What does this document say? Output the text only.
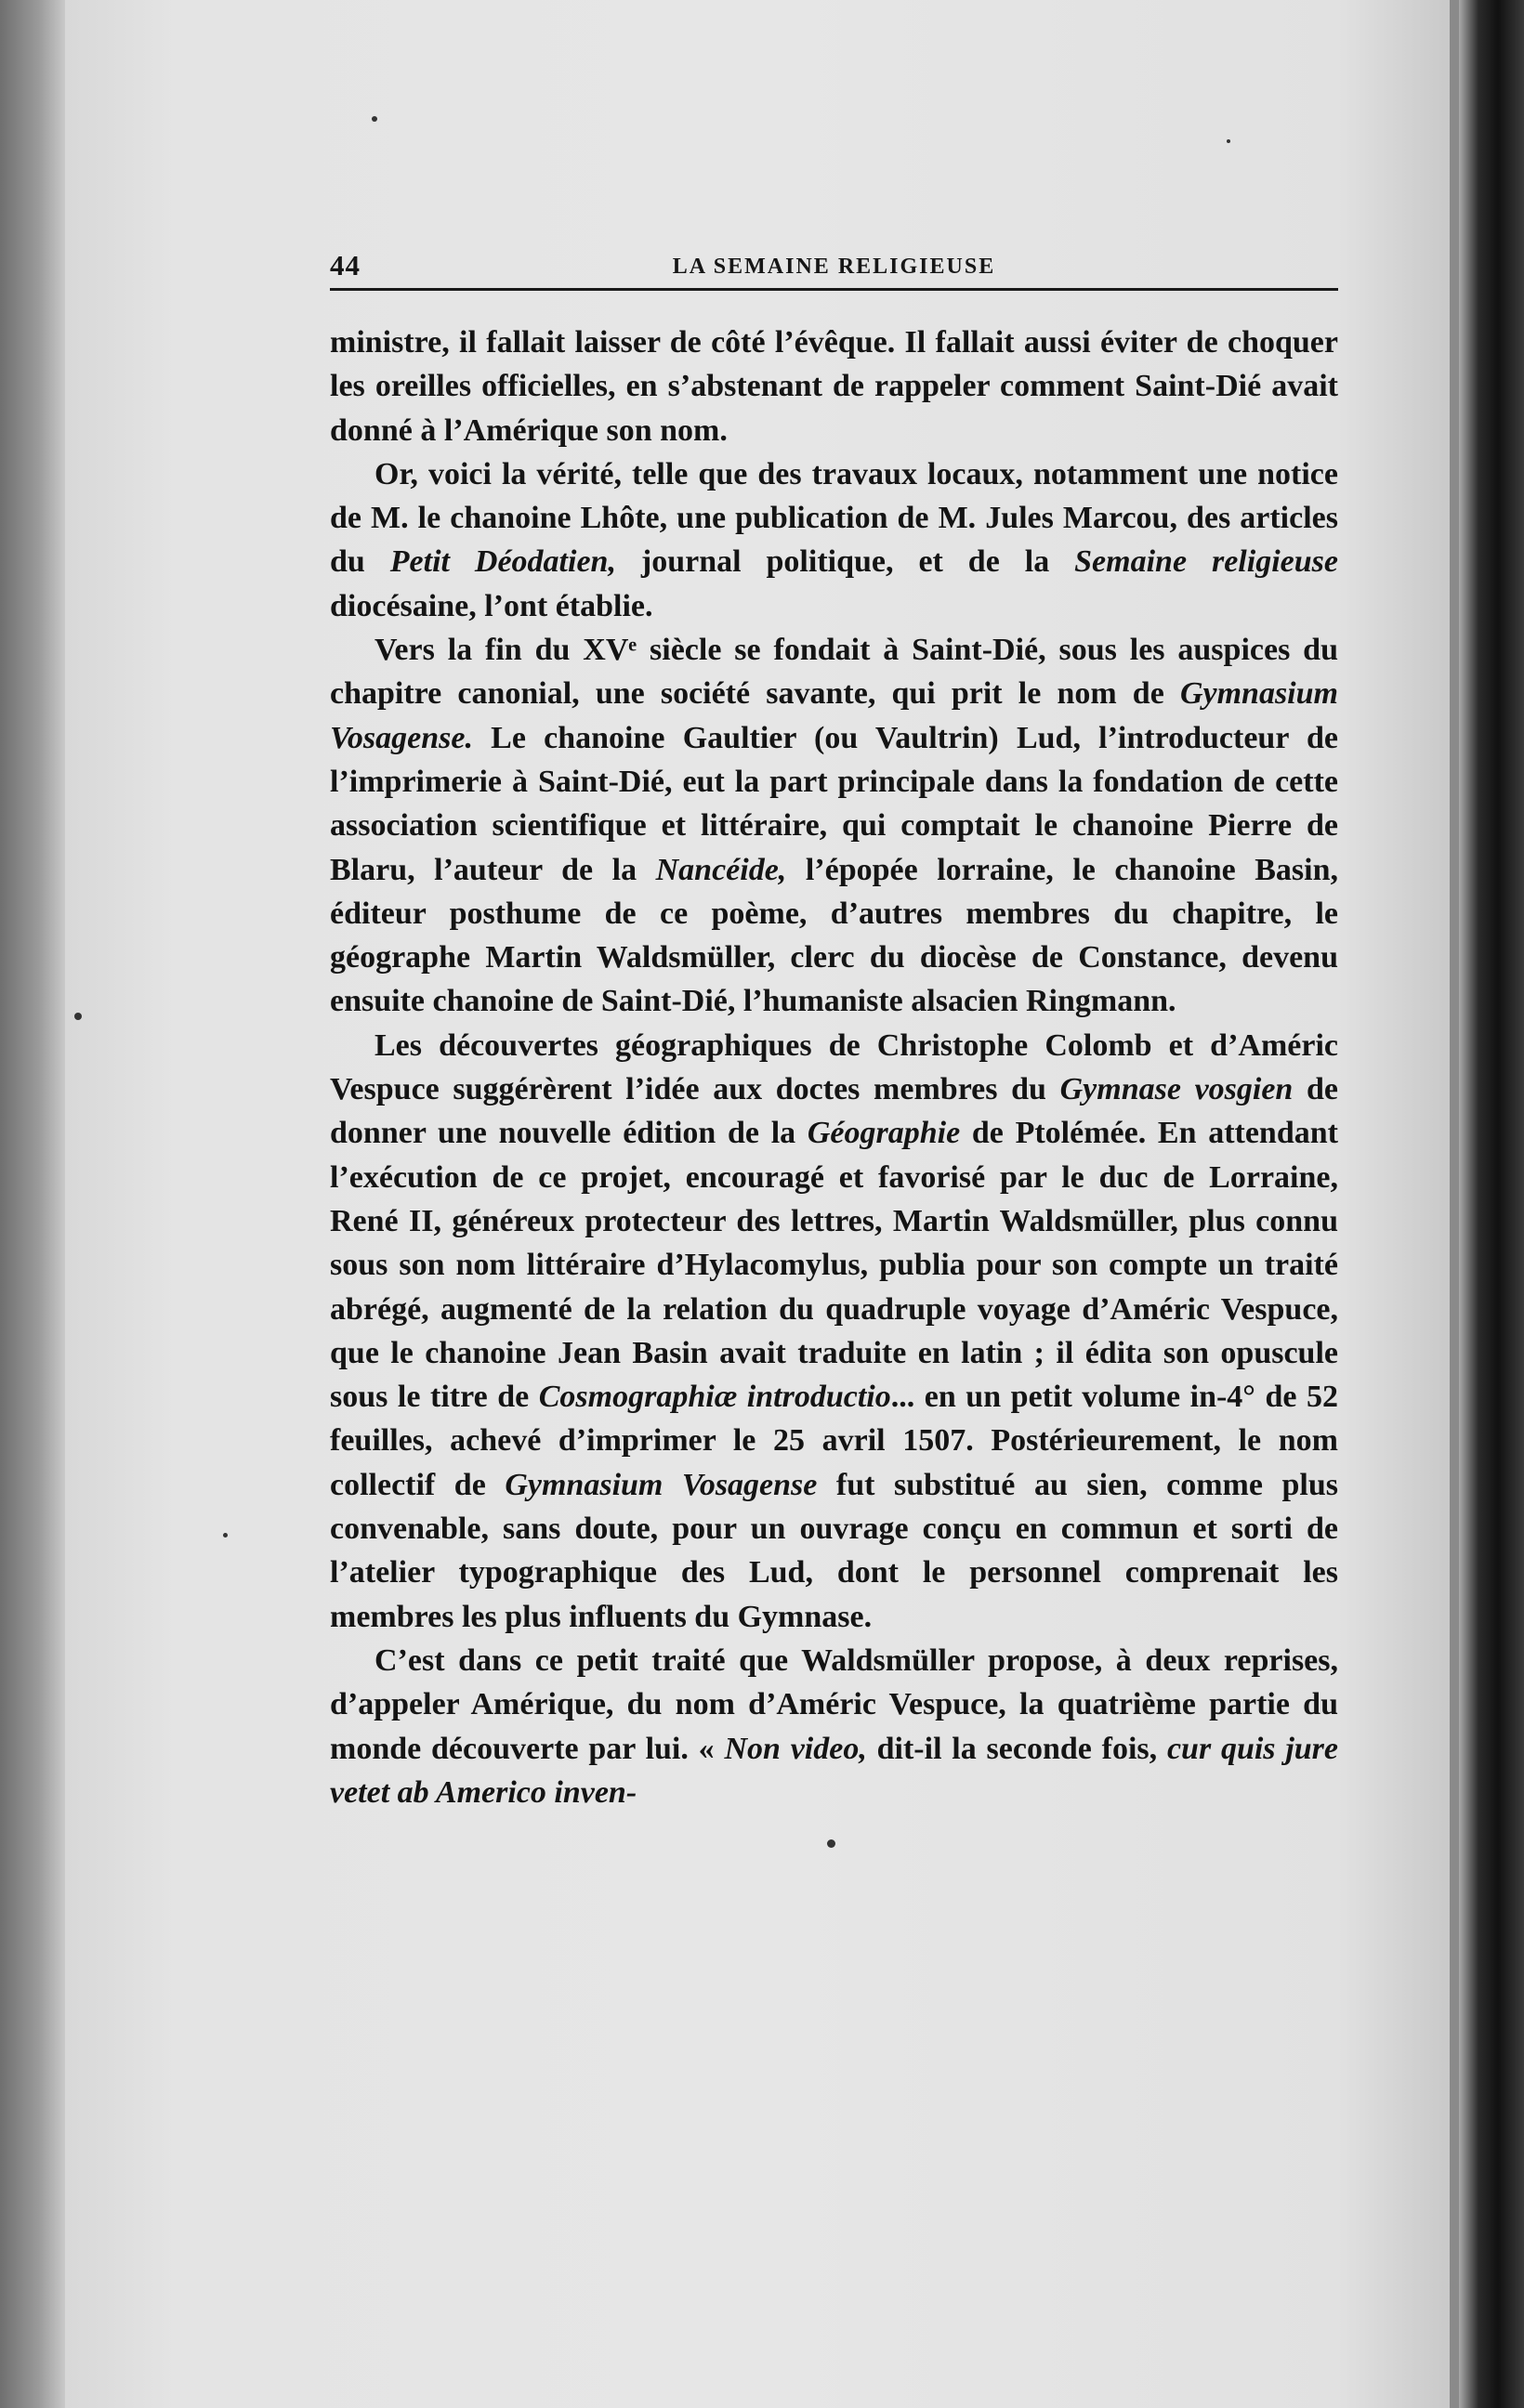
44	LA SEMAINE RELIGIEUSE

ministre, il fallait laisser de côté l’évêque. Il fallait aussi éviter de choquer les oreilles officielles, en s’abstenant de rappeler comment Saint-Dié avait donné à l’Amérique son nom.

Or, voici la vérité, telle que des travaux locaux, notamment une notice de M. le chanoine Lhôte, une publication de M. Jules Marcou, des articles du Petit Déodatien, journal politique, et de la Semaine religieuse diocésaine, l’ont établie.

Vers la fin du XVᵉ siècle se fondait à Saint-Dié, sous les auspices du chapitre canonial, une société savante, qui prit le nom de Gymnasium Vosagense. Le chanoine Gaultier (ou Vaultrin) Lud, l’introducteur de l’imprimerie à Saint-Dié, eut la part principale dans la fondation de cette association scientifique et littéraire, qui comptait le chanoine Pierre de Blaru, l’auteur de la Nancéide, l’épopée lorraine, le chanoine Basin, éditeur posthume de ce poème, d’autres membres du chapitre, le géographe Martin Waldsmüller, clerc du diocèse de Constance, devenu ensuite chanoine de Saint-Dié, l’humaniste alsacien Ringmann.

Les découvertes géographiques de Christophe Colomb et d’Améric Vespuce suggérèrent l’idée aux doctes membres du Gymnase vosgien de donner une nouvelle édition de la Géographie de Ptolémée. En attendant l’exécution de ce projet, encouragé et favorisé par le duc de Lorraine, René II, généreux protecteur des lettres, Martin Waldsmüller, plus connu sous son nom littéraire d’Hylacomylus, publia pour son compte un traité abrégé, augmenté de la relation du quadruple voyage d’Améric Vespuce, que le chanoine Jean Basin avait traduite en latin ; il édita son opuscule sous le titre de Cosmographiæ introductio... en un petit volume in-4° de 52 feuilles, achevé d’imprimer le 25 avril 1507. Postérieurement, le nom collectif de Gymnasium Vosagense fut substitué au sien, comme plus convenable, sans doute, pour un ouvrage conçu en commun et sorti de l’atelier typographique des Lud, dont le personnel comprenait les membres les plus influents du Gymnase.

C’est dans ce petit traité que Waldsmüller propose, à deux reprises, d’appeler Amérique, du nom d’Améric Vespuce, la quatrième partie du monde découverte par lui. « Non video, dit-il la seconde fois, cur quis jure vetet ab Americo inven-
